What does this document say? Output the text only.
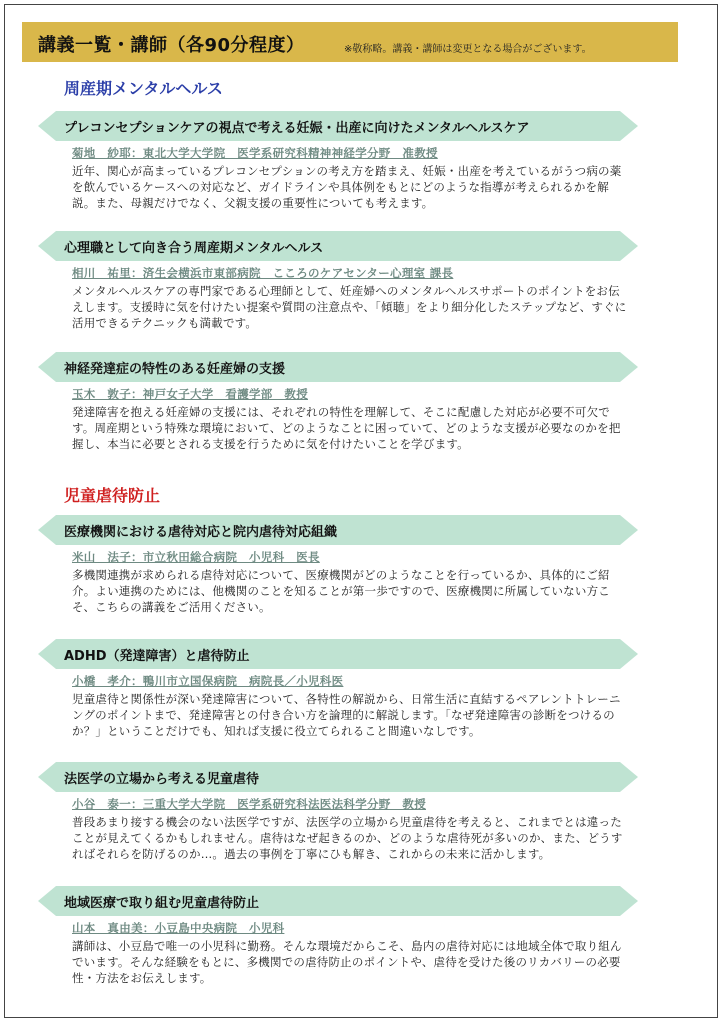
講義一覧・講師（各90分程度）	※敬称略。講義・講師は変更となる場合がございます。
周産期メンタルヘルス
プレコンセプションケアの視点で考える妊娠・出産に向けたメンタルヘルスケア
菊地　紗耶：東北大学大学院　医学系研究科精神神経学分野　准教授
近年、関心が高まっているプレコンセプションの考え方を踏まえ、妊娠・出産を考えているがうつ病の薬を飲んでいるケースへの対応など、ガイドラインや具体例をもとにどのような指導が考えられるかを解説。また、母親だけでなく、父親支援の重要性についても考えます。
心理職として向き合う周産期メンタルヘルス
相川　祐里：済生会横浜市東部病院　こころのケアセンター心理室 課長
メンタルヘルスケアの専門家である心理師として、妊産婦へのメンタルヘルスサポートのポイントをお伝えします。支援時に気を付けたい提案や質問の注意点や、「傾聴」をより細分化したステップなど、すぐに活用できるテクニックも満載です。
神経発達症の特性のある妊産婦の支援
玉木　敦子：神戸女子大学　看護学部　教授
発達障害を抱える妊産婦の支援には、それぞれの特性を理解して、そこに配慮した対応が必要不可欠です。周産期という特殊な環境において、どのようなことに困っていて、どのような支援が必要なのかを把握し、本当に必要とされる支援を行うために気を付けたいことを学びます。
児童虐待防止
医療機関における虐待対応と院内虐待対応組織
米山　法子：市立秋田総合病院　小児科　医長
多機関連携が求められる虐待対応について、医療機関がどのようなことを行っているか、具体的にご紹介。よい連携のためには、他機関のことを知ることが第一歩ですので、医療機関に所属していない方こそ、こちらの講義をご活用ください。
ADHD（発達障害）と虐待防止
小橋　孝介：鴨川市立国保病院　病院長／小児科医
児童虐待と関係性が深い発達障害について、各特性の解説から、日常生活に直結するペアレントトレーニングのポイントまで、発達障害との付き合い方を論理的に解説します。「なぜ発達障害の診断をつけるのか？」ということだけでも、知れば支援に役立てられること間違いなしです。
法医学の立場から考える児童虐待
小谷　泰一：三重大学大学院　医学系研究科法医法科学分野　教授
普段あまり接する機会のない法医学ですが、法医学の立場から児童虐待を考えると、これまでとは違ったことが見えてくるかもしれません。虐待はなぜ起きるのか、どのような虐待死が多いのか、また、どうすればそれらを防げるのか…。過去の事例を丁寧にひも解き、これからの未来に活かします。
地域医療で取り組む児童虐待防止
山本　真由美：小豆島中央病院　小児科
講師は、小豆島で唯一の小児科に勤務。そんな環境だからこそ、島内の虐待対応には地域全体で取り組んでいます。そんな経験をもとに、多機関での虐待防止のポイントや、虐待を受けた後のリカバリーの必要性・方法をお伝えします。
